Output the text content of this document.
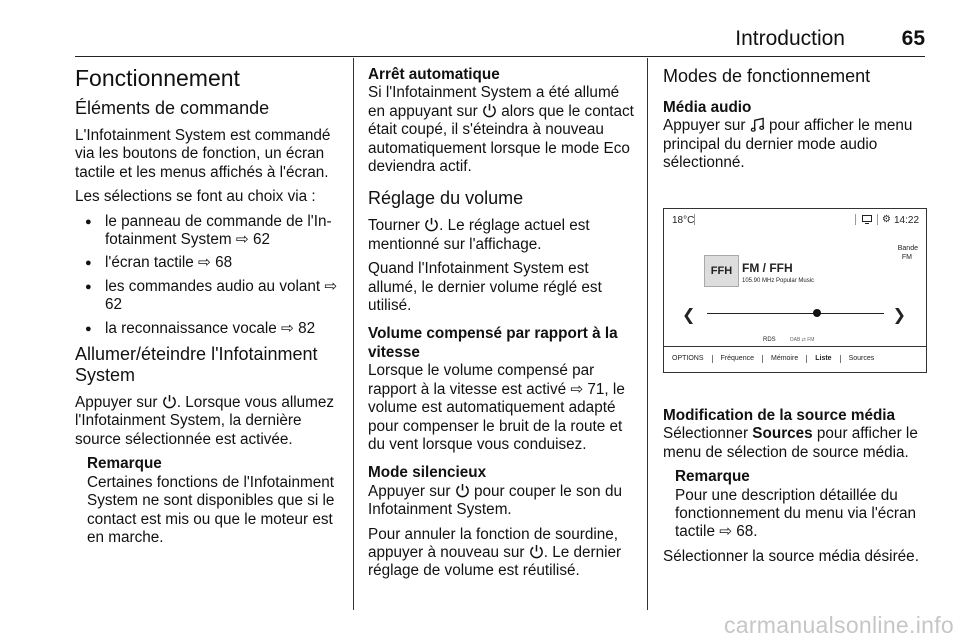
Introduction	65
Fonctionnement
Éléments de commande

L'Infotainment System est commandé via les boutons de fonction, un écran tactile et les menus affichés à l'écran.

Les sélections se font au choix via :

● le panneau de commande de l'Infotainment System ⇨ 62
● l'écran tactile ⇨ 68
● les commandes audio au volant ⇨ 62
● la reconnaissance vocale ⇨ 82
Allumer/éteindre l'Infotainment System

Appuyer sur . Lorsque vous allumez l'Infotainment System, la dernière source sélectionnée est activée.

Remarque
Certaines fonctions de l'Infotainment System ne sont disponibles que si le contact est mis ou que le moteur est en marche.
Arrêt automatique

Si l'Infotainment System a été allumé en appuyant sur alors que le contact était coupé, il s'éteindra à nouveau automatiquement lorsque le mode Eco deviendra actif.

Réglage du volume

Tourner . Le réglage actuel est mentionné sur l'affichage.

Quand l'Infotainment System est allumé, le dernier volume réglé est utilisé.

Volume compensé par rapport à la vitesse

Lorsque le volume compensé par rapport à la vitesse est activé ⇨ 71, le volume est automatiquement adapté pour compenser le bruit de la route et du vent lorsque vous conduisez.

Mode silencieux

Appuyer sur pour couper le son du Infotainment System.

Pour annuler la fonction de sourdine, appuyer à nouveau sur . Le dernier réglage de volume est réutilisé.

Modes de fonctionnement
Média audio

Appuyer sur pour afficher le menu principal du dernier mode audio sélectionné.

18°C	⚙ 14:22
Bande
FM
FFH FM / FFH
105.90 MHz Popular Music
❮	❯
RDS	DAB ⇄ FM
OPTIONS	Fréquence	Mémoire	Liste	Sources
Modification de la source média

Sélectionner Sources pour afficher le menu de sélection de source média.

Remarque
Pour une description détaillée du fonctionnement du menu via l'écran tactile ⇨ 68.

Sélectionner la source média désirée.

carmanualsonline.info
